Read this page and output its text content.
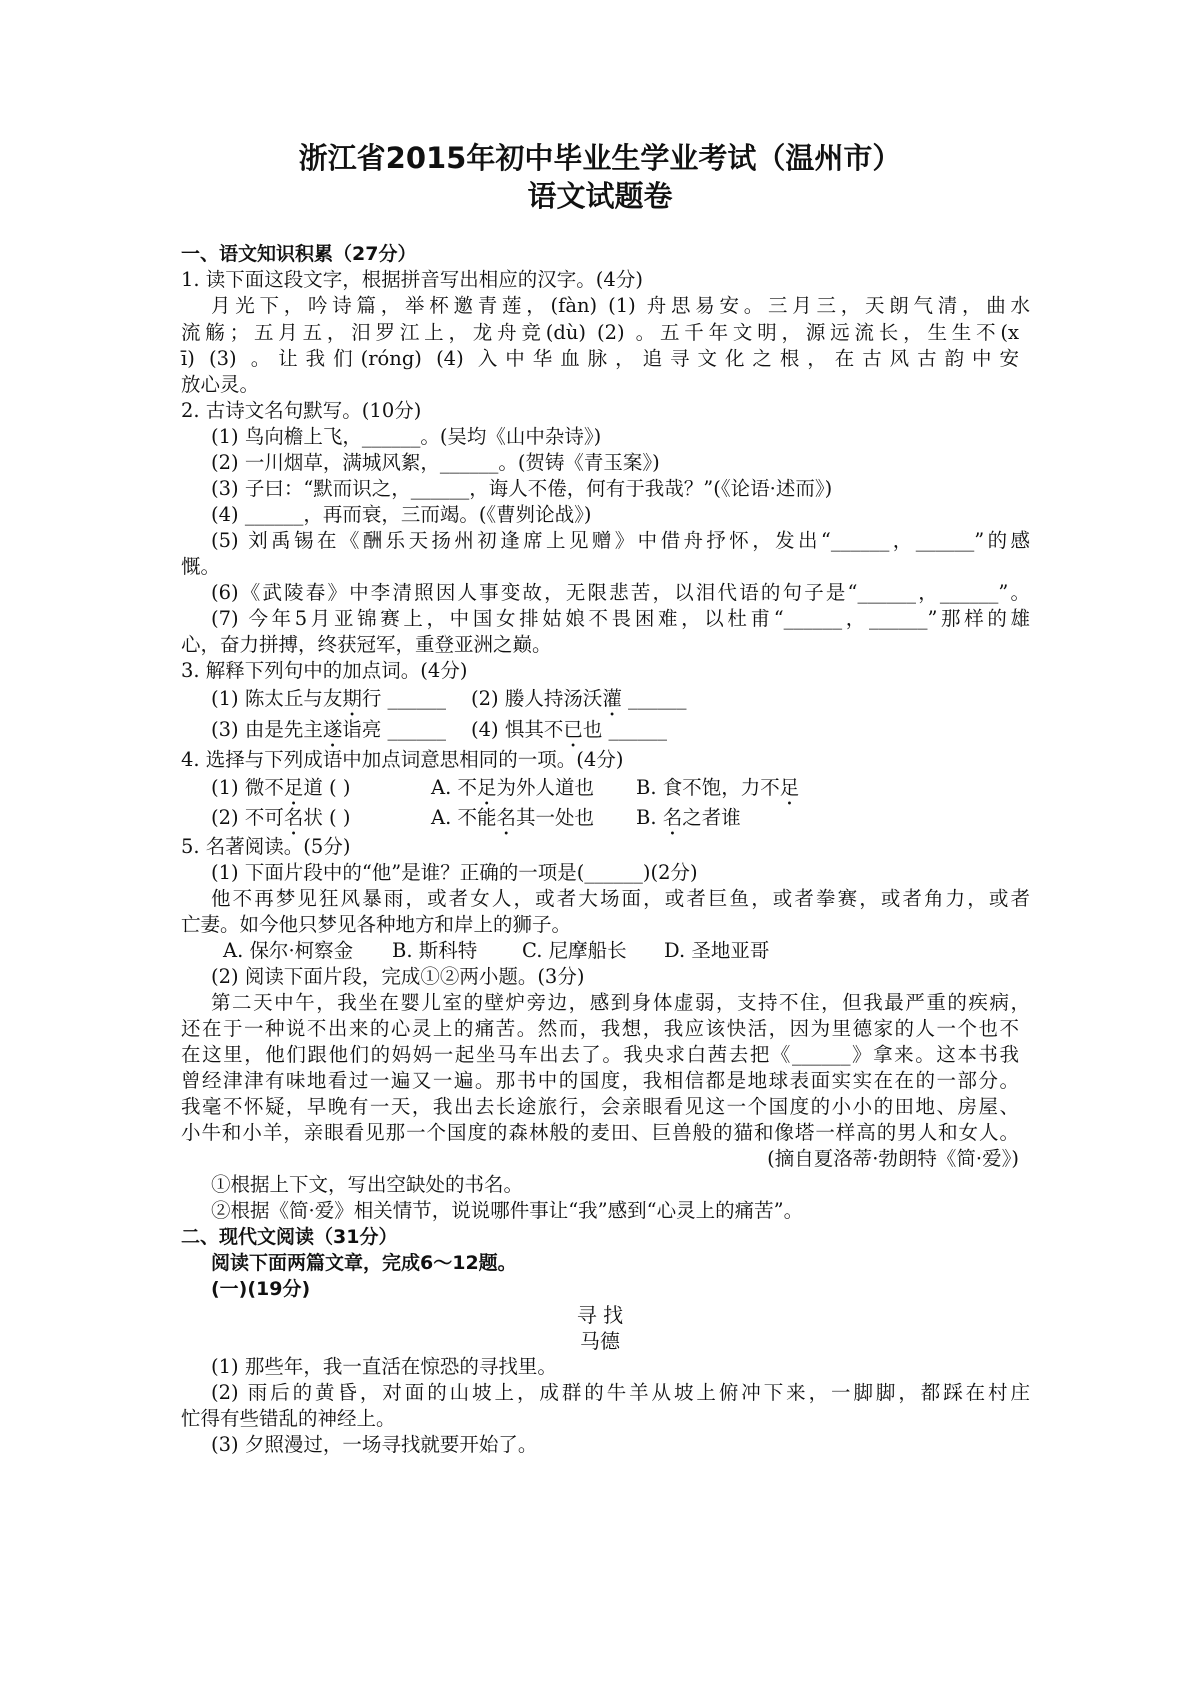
浙江省2015年初中毕业生学业考试（温州市）
语文试题卷
一、语文知识积累（27分）
1. 读下面这段文字，根据拼音写出相应的汉字。(4分)
月光下，吟诗篇，举杯邀青莲，(fàn) (1) 舟思易安。三月三，天朗气清，曲水
流觞；五月五，汨罗江上，龙舟竞(dù) (2) 。五千年文明，源远流长，生生不(x
ī) (3) 。让我们(róng) (4) 入中华血脉，追寻文化之根，在古风古韵中安
放心灵。
2. 古诗文名句默写。(10分)
(1) 鸟向檐上飞，______。(吴均《山中杂诗》)
(2) 一川烟草，满城风絮，______。(贺铸《青玉案》)
(3) 子曰：“默而识之，______，诲人不倦，何有于我哉？”(《论语·述而》)
(4) ______，再而衰，三而竭。(《曹刿论战》)
(5) 刘禹锡在《酬乐天扬州初逢席上见赠》中借舟抒怀，发出“______，______”的感
慨。
(6)《武陵春》中李清照因人事变故，无限悲苦，以泪代语的句子是“______，______”。
(7) 今年5月亚锦赛上，中国女排姑娘不畏困难，以杜甫“______，______”那样的雄
心，奋力拼搏，终获冠军，重登亚洲之巅。
3. 解释下列句中的加点词。(4分)
(1) 陈太丘与友期行 ______ (2) 媵人持汤沃灌 ______
(3) 由是先主遂诣亮 ______ (4) 惧其不已也 ______
4. 选择与下列成语中加点词意思相同的一项。(4分)
(1) 微不足道 ( )	A. 不足为外人道也 B. 食不饱，力不足
(2) 不可名状 ( )	A. 不能名其一处也 B. 名之者谁
5. 名著阅读。(5分)
(1) 下面片段中的“他”是谁？正确的一项是(______)(2分)
他不再梦见狂风暴雨，或者女人，或者大场面，或者巨鱼，或者拳赛，或者角力，或者
亡妻。如今他只梦见各种地方和岸上的狮子。
A. 保尔·柯察金 B. 斯科特 C. 尼摩船长 D. 圣地亚哥
(2) 阅读下面片段，完成①②两小题。(3分)
第二天中午，我坐在婴儿室的壁炉旁边，感到身体虚弱，支持不住，但我最严重的疾病，
还在于一种说不出来的心灵上的痛苦。然而，我想，我应该快活，因为里德家的人一个也不
在这里，他们跟他们的妈妈一起坐马车出去了。我央求白茜去把《______》拿来。这本书我
曾经津津有味地看过一遍又一遍。那书中的国度，我相信都是地球表面实实在在的一部分。
我毫不怀疑，早晚有一天，我出去长途旅行，会亲眼看见这一个国度的小小的田地、房屋、
小牛和小羊，亲眼看见那一个国度的森林般的麦田、巨兽般的猫和像塔一样高的男人和女人。
(摘自夏洛蒂·勃朗特《简·爱》)
①根据上下文，写出空缺处的书名。
②根据《简·爱》相关情节，说说哪件事让“我”感到“心灵上的痛苦”。
二、现代文阅读（31分）
阅读下面两篇文章，完成6～12题。
(一)(19分)
寻 找
马德
(1) 那些年，我一直活在惊恐的寻找里。
(2) 雨后的黄昏，对面的山坡上，成群的牛羊从坡上俯冲下来，一脚脚，都踩在村庄
忙得有些错乱的神经上。
(3) 夕照漫过，一场寻找就要开始了。
